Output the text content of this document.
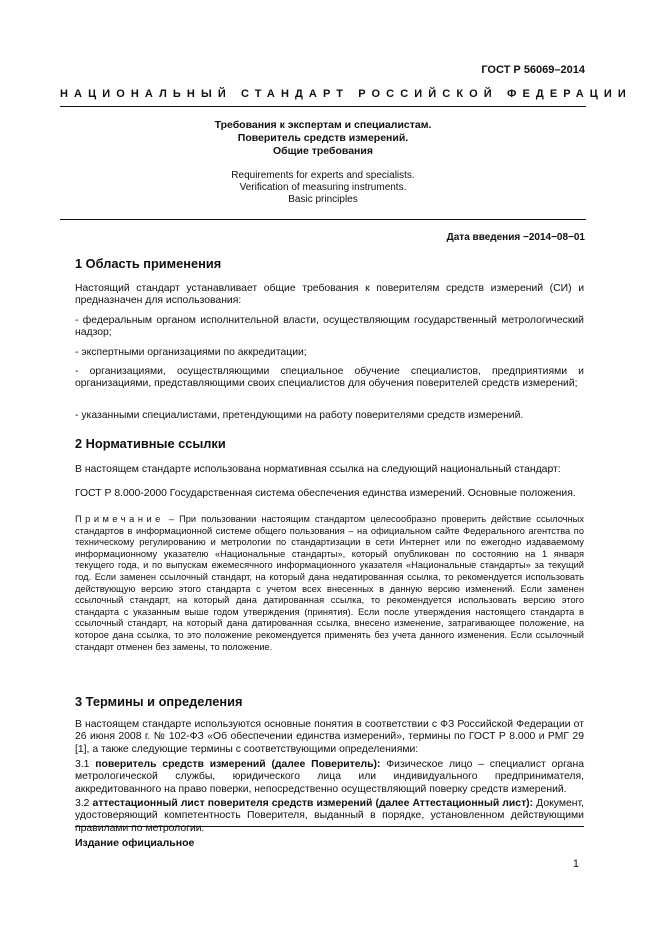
ГОСТ Р 56069–2014
НАЦИОНАЛЬНЫЙ СТАНДАРТ РОССИЙСКОЙ ФЕДЕРАЦИИ
Требования к экспертам и специалистам.
Поверитель средств измерений.
Общие требования
Requirements for experts and specialists.
Verification of measuring instruments.
Basic principles
Дата введения −2014−08−01
1 Область применения
Настоящий стандарт устанавливает общие требования к поверителям средств измерений (СИ) и предназначен для использования:
- федеральным органом исполнительной власти, осуществляющим государственный метрологический надзор;
- экспертными организациями по аккредитации;
- организациями, осуществляющими специальное обучение специалистов, предприятиями и организациями, представляющими своих специалистов для обучения поверителей средств измерений;
- указанными специалистами, претендующими на работу поверителями средств измерений.
2 Нормативные ссылки
В настоящем стандарте использована нормативная ссылка на следующий национальный стандарт:
ГОСТ Р 8.000-2000 Государственная система обеспечения единства измерений. Основные положения.
Примечание – При пользовании настоящим стандартом целесообразно проверить действие ссылочных стандартов в информационной системе общего пользования – на официальном сайте Федерального агентства по техническому регулированию и метрологии по стандартизации в сети Интернет или по ежегодно издаваемому информационному указателю «Национальные стандарты», который опубликован по состоянию на 1 января текущего года, и по выпускам ежемесячного информационного указателя «Национальные стандарты» за текущий год. Если заменен ссылочный стандарт, на который дана недатированная ссылка, то рекомендуется использовать действующую версию этого стандарта с учетом всех внесенных в данную версию изменений. Если заменен ссылочный стандарт, на который дана датированная ссылка, то рекомендуется использовать версию этого стандарта с указанным выше годом утверждения (принятия). Если после утверждения настоящего стандарта в ссылочный стандарт, на который дана датированная ссылка, внесено изменение, затрагивающее положение, на которое дана ссылка, то это положение рекомендуется применять без учета данного изменения. Если ссылочный стандарт отменен без замены, то положение.
3 Термины и определения
В настоящем стандарте используются основные понятия в соответствии с ФЗ Российской Федерации от 26 июня 2008 г. № 102-ФЗ «Об обеспечении единства измерений», термины по ГОСТ Р 8.000 и РМГ 29 [1], а также следующие термины с соответствующими определениями:
3.1 поверитель средств измерений (далее Поверитель): Физическое лицо – специалист органа метрологической службы, юридического лица или индивидуального предпринимателя, аккредитованного на право поверки, непосредственно осуществляющий поверку средств измерений.
3.2 аттестационный лист поверителя средств измерений (далее Аттестационный лист): Документ, удостоверяющий компетентность Поверителя, выданный в порядке, установленном действующими правилами по метрологии.
Издание официальное
1
